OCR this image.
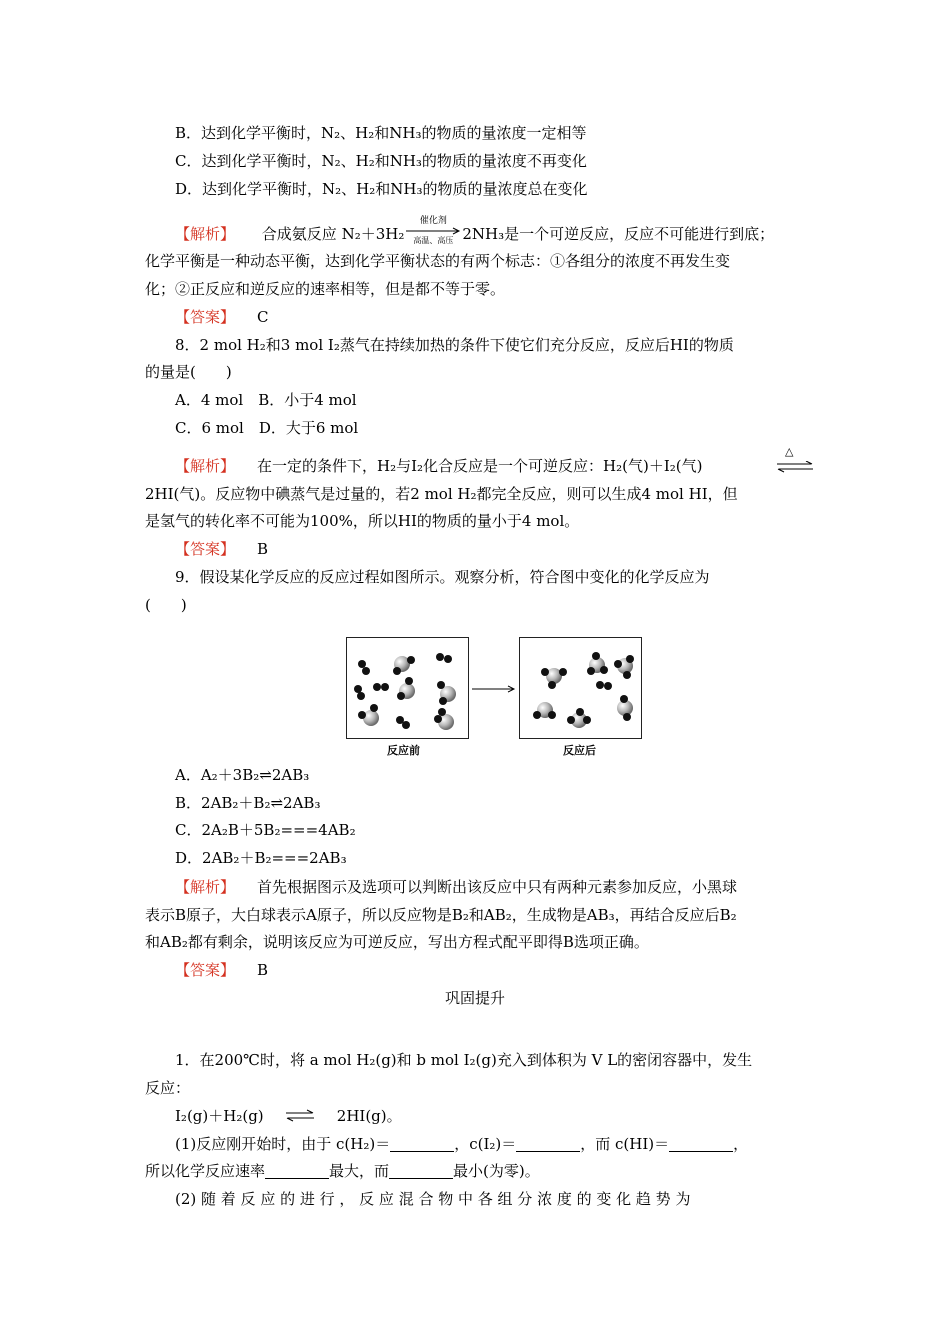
B．达到化学平衡时，N₂、H₂和NH₃的物质的量浓度一定相等
C．达到化学平衡时，N₂、H₂和NH₃的物质的量浓度不再变化
D．达到化学平衡时，N₂、H₂和NH₃的物质的量浓度总在变化
【解析】 合成氨反应 N₂＋3H₂
催化剂
高温、高压 2NH₃是一个可逆反应，反应不可能进行到底；
化学平衡是一种动态平衡，达到化学平衡状态的有两个标志：①各组分的浓度不再发生变
化；②正反应和逆反应的速率相等，但是都不等于零。
【答案】 C
8．2 mol H₂和3 mol I₂蒸气在持续加热的条件下使它们充分反应，反应后HI的物质
的量是(　　)
A．4 mol　B．小于4 mol
C．6 mol　D．大于6 mol
【解析】 在一定的条件下，H₂与I₂化合反应是一个可逆反应：H₂(气)＋I₂(气)
△
2HI(气)。反应物中碘蒸气是过量的，若2 mol H₂都完全反应，则可以生成4 mol HI，但
是氢气的转化率不可能为100%，所以HI的物质的量小于4 mol。
【答案】 B
9．假设某化学反应的反应过程如图所示。观察分析，符合图中变化的化学反应为
(　　)
反应前	反应后
A．A₂＋3B₂⇌2AB₃
B．2AB₂＋B₂⇌2AB₃
C．2A₂B＋5B₂===4AB₂
D．2AB₂＋B₂===2AB₃
【解析】 首先根据图示及选项可以判断出该反应中只有两种元素参加反应，小黑球
表示B原子，大白球表示A原子，所以反应物是B₂和AB₂，生成物是AB₃，再结合反应后B₂
和AB₂都有剩余，说明该反应为可逆反应，写出方程式配平即得B选项正确。
【答案】 B
巩固提升
1．在200℃时，将 a mol H₂(g)和 b mol I₂(g)充入到体积为 V L的密闭容器中，发生
反应：
I₂(g)＋H₂(g) ⇌ 2HI(g)。
(1)反应刚开始时，由于 c(H₂)＝	，c(I₂)＝	，而 c(HI)＝	，
所以化学反应速率	最大，而	最小(为零)。
(2) 随 着 反 应 的 进 行 ， 反 应 混 合 物 中 各 组 分 浓 度 的 变 化 趋 势 为
